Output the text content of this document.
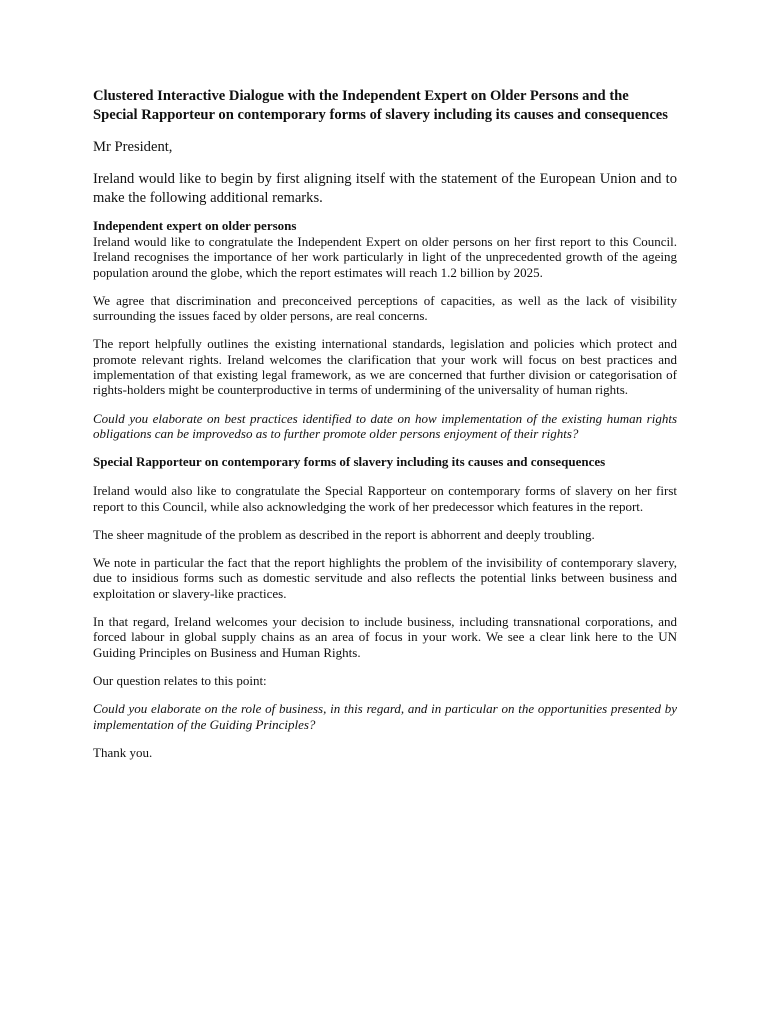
Clustered Interactive Dialogue with the Independent Expert on Older Persons and the Special Rapporteur on contemporary forms of slavery including its causes and consequences

Mr President,

Ireland would like to begin by first aligning itself with the statement of the European Union and to make the following additional remarks.

Independent expert on older persons

Ireland would like to congratulate the Independent Expert on older persons on her first report to this Council. Ireland recognises the importance of her work particularly in light of the unprecedented growth of the ageing population around the globe, which the report estimates will reach 1.2 billion by 2025.

We agree that discrimination and preconceived perceptions of capacities, as well as the lack of visibility surrounding the issues faced by older persons, are real concerns.

The report helpfully outlines the existing international standards, legislation and policies which protect and promote relevant rights. Ireland welcomes the clarification that your work will focus on best practices and implementation of that existing legal framework, as we are concerned that further division or categorisation of rights-holders might be counterproductive in terms of undermining of the universality of human rights.

Could you elaborate on best practices identified to date on how implementation of the existing human rights obligations can be improvedso as to further promote older persons enjoyment of their rights?

Special Rapporteur on contemporary forms of slavery including its causes and consequences

Ireland would also like to congratulate the Special Rapporteur on contemporary forms of slavery on her first report to this Council, while also acknowledging the work of her predecessor which features in the report.

The sheer magnitude of the problem as described in the report is abhorrent and deeply troubling.

We note in particular the fact that the report highlights the problem of the invisibility of contemporary slavery, due to insidious forms such as domestic servitude and also reflects the potential links between business and exploitation or slavery-like practices.

In that regard, Ireland welcomes your decision to include business, including transnational corporations, and forced labour in global supply chains as an area of focus in your work. We see a clear link here to the UN Guiding Principles on Business and Human Rights.

Our question relates to this point:

Could you elaborate on the role of business, in this regard, and in particular on the opportunities presented by implementation of the Guiding Principles?

Thank you.
